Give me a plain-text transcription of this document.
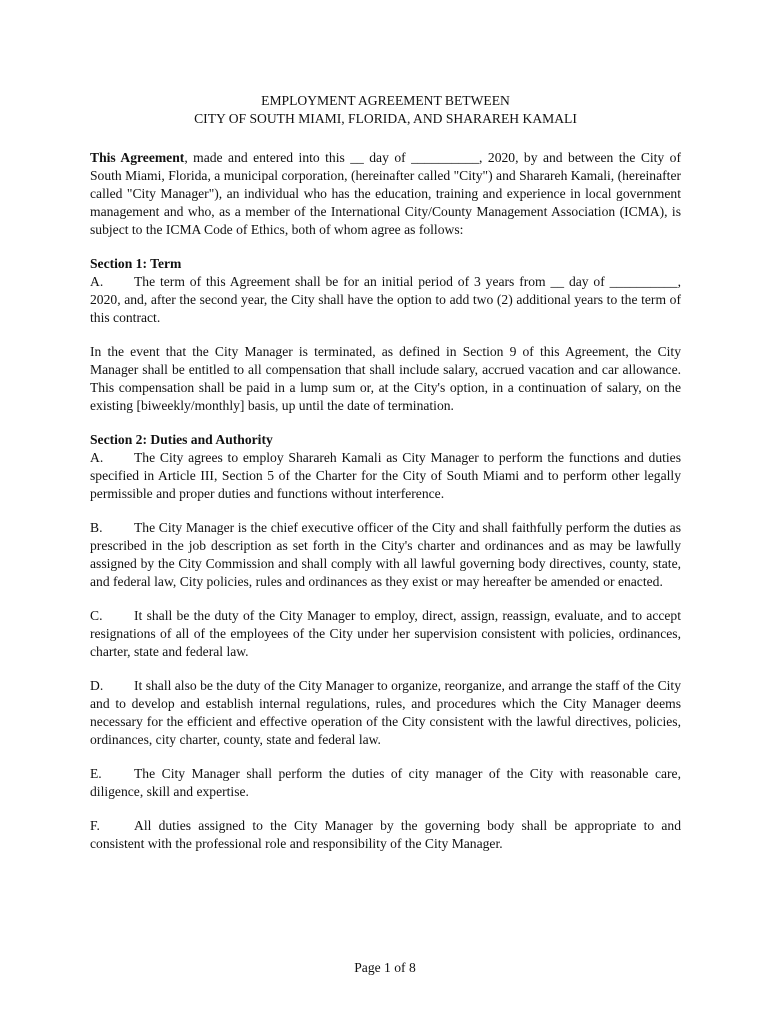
EMPLOYMENT AGREEMENT BETWEEN
CITY OF SOUTH MIAMI, FLORIDA, AND SHARAREH KAMALI

This Agreement, made and entered into this __ day of __________, 2020, by and between the City of South Miami, Florida, a municipal corporation, (hereinafter called "City") and Sharareh Kamali, (hereinafter called "City Manager"), an individual who has the education, training and experience in local government management and who, as a member of the International City/County Management Association (ICMA), is subject to the ICMA Code of Ethics, both of whom agree as follows:

Section 1: Term

A. The term of this Agreement shall be for an initial period of 3 years from __ day of __________, 2020, and, after the second year, the City shall have the option to add two (2) additional years to the term of this contract.

In the event that the City Manager is terminated, as defined in Section 9 of this Agreement, the City Manager shall be entitled to all compensation that shall include salary, accrued vacation and car allowance. This compensation shall be paid in a lump sum or, at the City's option, in a continuation of salary, on the existing [biweekly/monthly] basis, up until the date of termination.

Section 2: Duties and Authority

A. The City agrees to employ Sharareh Kamali as City Manager to perform the functions and duties specified in Article III, Section 5 of the Charter for the City of South Miami and to perform other legally permissible and proper duties and functions without interference.

B. The City Manager is the chief executive officer of the City and shall faithfully perform the duties as prescribed in the job description as set forth in the City's charter and ordinances and as may be lawfully assigned by the City Commission and shall comply with all lawful governing body directives, county, state, and federal law, City policies, rules and ordinances as they exist or may hereafter be amended or enacted.

C. It shall be the duty of the City Manager to employ, direct, assign, reassign, evaluate, and to accept resignations of all of the employees of the City under her supervision consistent with policies, ordinances, charter, state and federal law.

D. It shall also be the duty of the City Manager to organize, reorganize, and arrange the staff of the City and to develop and establish internal regulations, rules, and procedures which the City Manager deems necessary for the efficient and effective operation of the City consistent with the lawful directives, policies, ordinances, city charter, county, state and federal law.

E. The City Manager shall perform the duties of city manager of the City with reasonable care, diligence, skill and expertise.

F.	All duties assigned to the City Manager by the governing body shall be appropriate to and consistent with the professional role and responsibility of the City Manager.

Page 1 of 8
